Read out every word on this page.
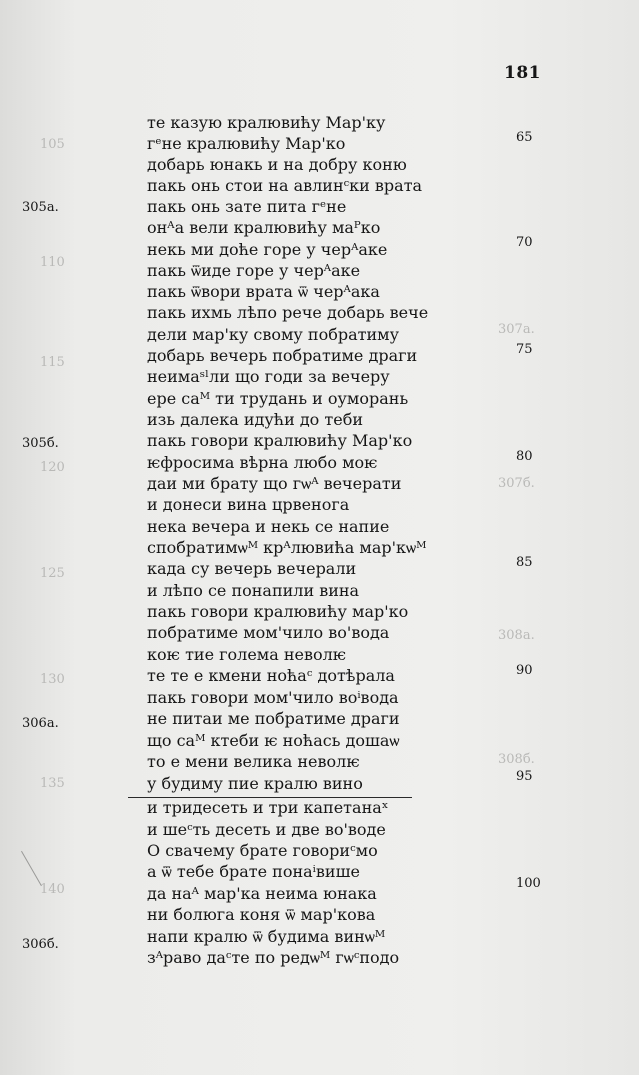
105
110
115
120
125
130
135
140
307а.
307б.
308а.
308б.
181
305а.
305б.
306а.
306б.
65
70
75
80
85
90
95
100
те казую кралювићу Мар'ку
гᵉне кралювићу Мар'ко
добарь юнакь и на добру коню
пакь онь стои на авлинᶜки врата
пакь онь зате пита гᵉне
онᴬа вели кралювићу маᴾко
некь ми доће горе у черᴬаке
пакь ѿиде горе у черᴬаке
пакь ѿвори врата ѿ черᴬака
пакь ихмь лѣпо рече добарь вече
дели мар'ку свому побратиму
добарь вечерь побратиме драги
неимаˢˡли що годи за вечеру
ере саᴹ ти трудань и оуморань
изь далека идући до теби
пакь говори кралювићу Мар'ко
ѥфросима вѣрна любо моѥ
даи ми брату що гѡᴬ вечерати
и донеси вина црвеногa
нека вечера и некь се напие
спобратимѡᴹ крᴬлювића мар'кѡᴹ
када су вечерь вечерали
и лѣпо се понапили вина
пакь говори кралювићу мар'ко
побратиме мом'чило во'вода
коѥ тие голема неволѥ
те те е кмени ноћаᶜ дотѣрала
пакь говори мом'чило воⁱвода
не питаи ме побратиме драги
що саᴹ ктеби ѥ ноћась дошаѡ
то е мени велика неволѥ
у будиму пие кралю вино
и тридесеть и три капетанаˣ
и шеᶜть десеть и две во'воде
О свачему брате говориᶜмо
а ѿ тебе брате понаⁱвише
да наᴬ мар'ка неима юнака
ни болюга коня ѿ мар'кова
напи кралю ѿ будима винѡᴹ
зᴬраво даᶜте по редѡᴹ гѡᶜподо
